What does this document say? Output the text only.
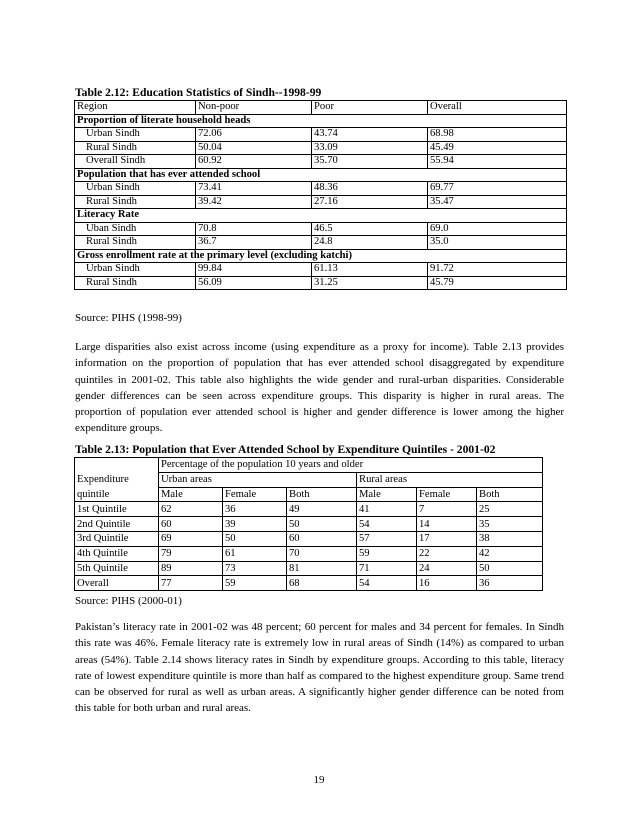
Table 2.12: Education Statistics of Sindh--1998-99
Region	Non-poor	Poor	Overall
Proportion of literate household heads			
Urban Sindh	72.06	43.74	68.98
Rural Sindh	50.04	33.09	45.49
Overall Sindh	60.92	35.70	55.94
Population that has ever attended school			
Urban Sindh	73.41	48.36	69.77
Rural Sindh	39.42	27.16	35.47
Literacy Rate			
Uban Sindh	70.8	46.5	69.0
Rural Sindh	36.7	24.8	35.0
Gross enrollment rate at the primary level (excluding katchi)			
Urban Sindh	99.84	61.13	91.72
Rural Sindh	56.09	31.25	45.79
Source: PIHS (1998-99)

Large disparities also exist across income (using expenditure as a proxy for income). Table 2.13 provides information on the proportion of population that has ever attended school disaggregated by expenditure quintiles in 2001-02. This table also highlights the wide gender and rural-urban disparities. Considerable gender differences can be seen across expenditure groups. This disparity is higher in rural areas. The proportion of population ever attended school is higher and gender difference is lower among the higher expenditure groups.

Table 2.13: Population that Ever Attended School by Expenditure Quintiles - 2001-02
	Percentage of the population 10 years and older					
Expenditure	Urban areas			Rural areas		
quintile	Male	Female	Both	Male	Female	Both
1st Quintile	62	36	49	41	7	25
2nd Quintile	60	39	50	54	14	35
3rd Quintile	69	50	60	57	17	38
4th Quintile	79	61	70	59	22	42
5th Quintile	89	73	81	71	24	50
Overall	77	59	68	54	16	36
Source: PIHS (2000-01)

Pakistan’s literacy rate in 2001-02 was 48 percent; 60 percent for males and 34 percent for females. In Sindh this rate was 46%. Female literacy rate is extremely low in rural areas of Sindh (14%) as compared to urban areas (54%). Table 2.14 shows literacy rates in Sindh by expenditure groups. According to this table, literacy rate of lowest expenditure quintile is more than half as compared to the highest expenditure group. Same trend can be observed for rural as well as urban areas. A significantly higher gender difference can be noted from this table for both urban and rural areas.

19
